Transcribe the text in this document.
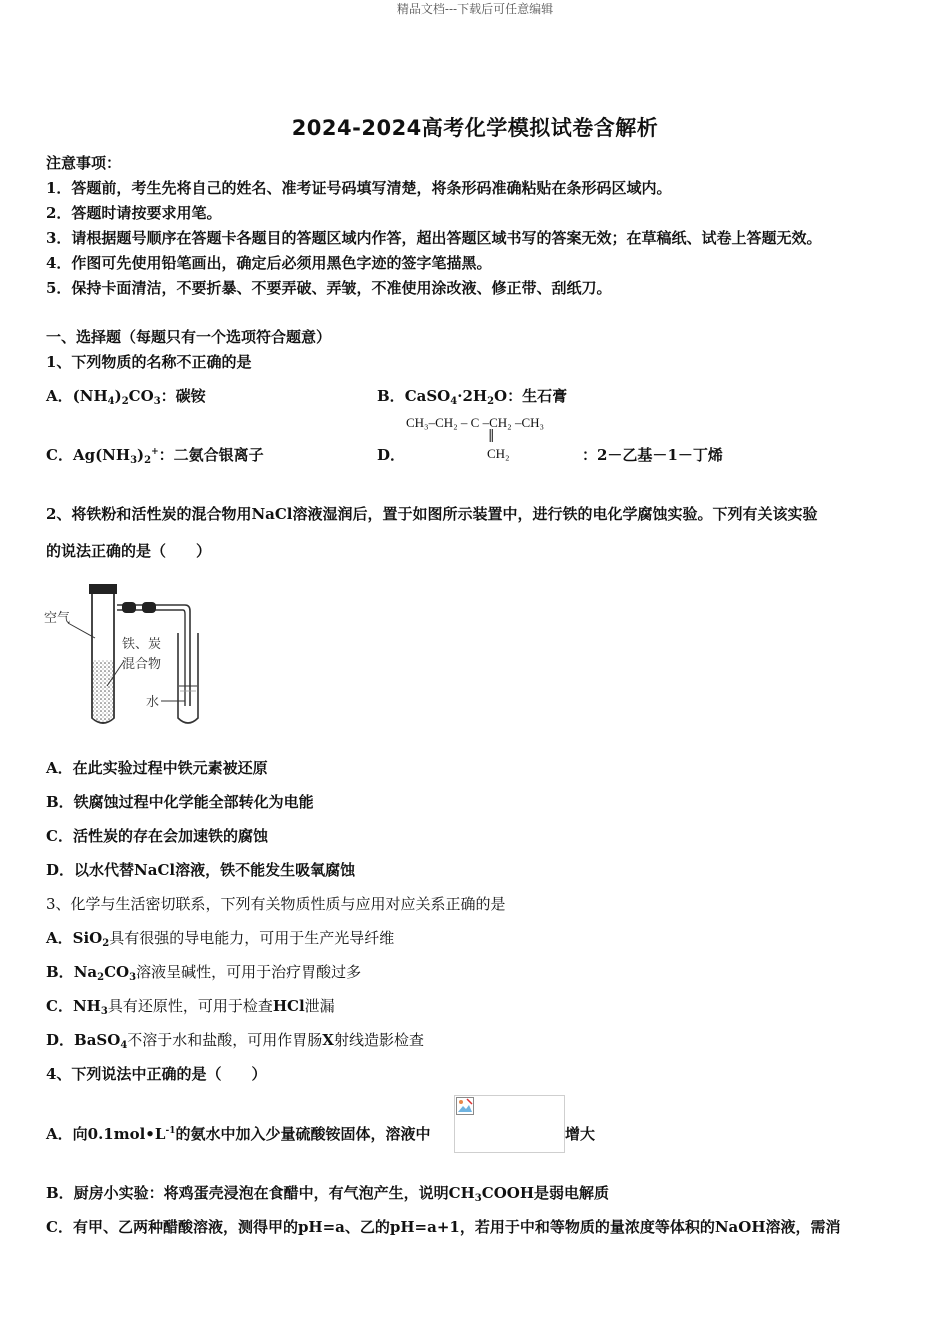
精品文档---下载后可任意编辑
2024-2024高考化学模拟试卷含解析
注意事项：
1．答题前，考生先将自己的姓名、准考证号码填写清楚，将条形码准确粘贴在条形码区域内。
2．答题时请按要求用笔。
3．请根据题号顺序在答题卡各题目的答题区域内作答，超出答题区域书写的答案无效；在草稿纸、试卷上答题无效。
4．作图可先使用铅笔画出，确定后必须用黑色字迹的签字笔描黑。
5．保持卡面清洁，不要折暴、不要弄破、弄皱，不准使用涂改液、修正带、刮纸刀。
一、选择题（每题只有一个选项符合题意）
1、下列物质的名称不正确的是
A．$(NH_4)_2CO_3$：碳铵	B．$CaSO_4\cdot 2H_2O$：生石膏
C．$Ag(NH_3)_2^+$：二氨合银离子	D．
CH₃–CH₂ – C –CH₂ –CH₃
‖
CH₂	：2－乙基－1－丁烯
2、将铁粉和活性炭的混合物用NaCl溶液湿润后，置于如图所示装置中，进行铁的电化学腐蚀实验。下列有关该实验
的说法正确的是（　　）
空气
铁、炭
混合物
水
A．在此实验过程中铁元素被还原
B．铁腐蚀过程中化学能全部转化为电能
C．活性炭的存在会加速铁的腐蚀
D．以水代替NaCl溶液，铁不能发生吸氧腐蚀
3、化学与生活密切联系，下列有关物质性质与应用对应关系正确的是
A．SiO$_2$具有很强的导电能力，可用于生产光导纤维
B．$Na_2CO_3$溶液呈碱性，可用于治疗胃酸过多
C．$NH_3$具有还原性，可用于检查HCl泄漏
D．BaSO$_4$不溶于水和盐酸，可用作胃肠X射线造影检查
4、下列说法中正确的是（　　）
A．向$0.1mol•L^{-1}$的氨水中加入少量硫酸铵固体，溶液中	增大
B．厨房小实验：将鸡蛋壳浸泡在食醋中，有气泡产生，说明$CH_3COOH$是弱电解质
C．有甲、乙两种醋酸溶液，测得甲的pH=a、乙的pH=a+1，若用于中和等物质的量浓度等体积的NaOH溶液，需消
